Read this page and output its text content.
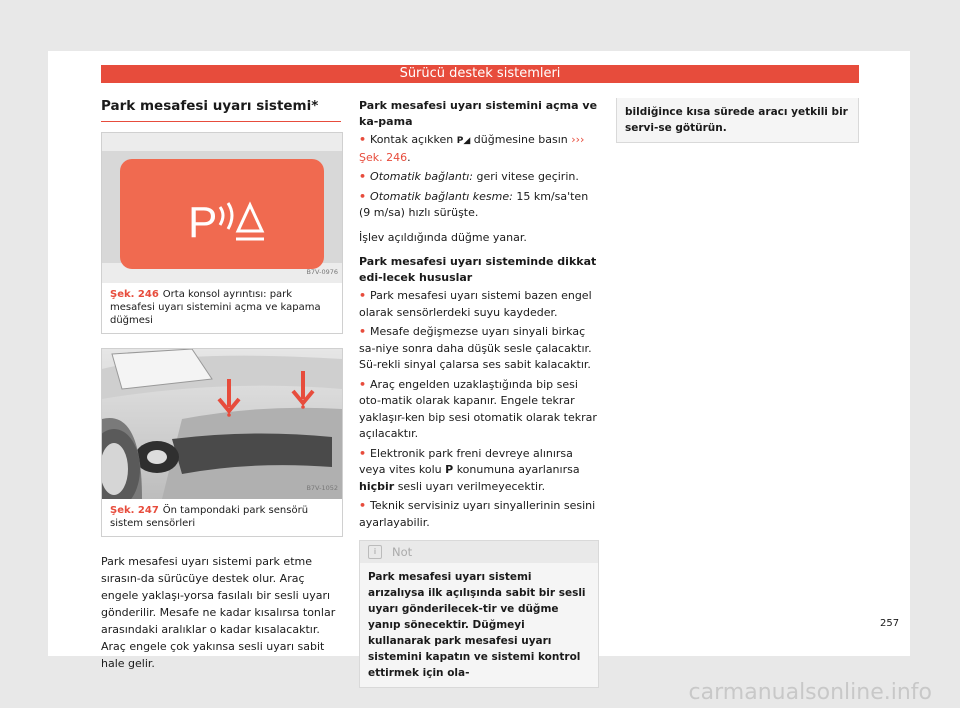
Sürücü destek sistemleri
Park mesafesi uyarı sistemi*
P
B7V-0976
Şek. 246 Orta konsol ayrıntısı: park mesafesi uyarı sistemini açma ve kapama düğmesi
B7V-1052
Şek. 247 Ön tampondaki park sensörü sistem sensörleri

Park mesafesi uyarı sistemi park etme sırasın-da sürücüye destek olur. Araç engele yaklaşı-yorsa fasılalı bir sesli uyarı gönderilir. Mesafe ne kadar kısalırsa tonlar arasındaki aralıklar o kadar kısalacaktır. Araç engele çok yakınsa sesli uyarı sabit hale gelir.

Park mesafesi uyarı sistemini açma ve ka-pama

• Kontak açıkken P◢ düğmesine basın ››› Şek. 246.

• Otomatik bağlantı: geri vitese geçirin.

• Otomatik bağlantı kesme: 15 km/sa'ten (9 m/sa) hızlı sürüşte.

İşlev açıldığında düğme yanar.

Park mesafesi uyarı sisteminde dikkat edi-lecek hususlar

• Park mesafesi uyarı sistemi bazen engel olarak sensörlerdeki suyu kaydeder.

• Mesafe değişmezse uyarı sinyali birkaç sa-niye sonra daha düşük sesle çalacaktır. Sü-rekli sinyal çalarsa ses sabit kalacaktır.

• Araç engelden uzaklaştığında bip sesi oto-matik olarak kapanır. Engele tekrar yaklaşır-ken bip sesi otomatik olarak tekrar açılacaktır.

• Elektronik park freni devreye alınırsa veya vites kolu P konumuna ayarlanırsa hiçbir sesli uyarı verilmeyecektir.

• Teknik servisiniz uyarı sinyallerinin sesini ayarlayabilir.

i	Not
Park mesafesi uyarı sistemi arızalıysa ilk açılışında sabit bir sesli uyarı gönderilecek-tir ve düğme yanıp sönecektir. Düğmeyi kullanarak park mesafesi uyarı sistemini kapatın ve sistemi kontrol ettirmek için ola-
bildiğince kısa sürede aracı yetkili bir servi-se götürün.
257
carmanualsonline.info
